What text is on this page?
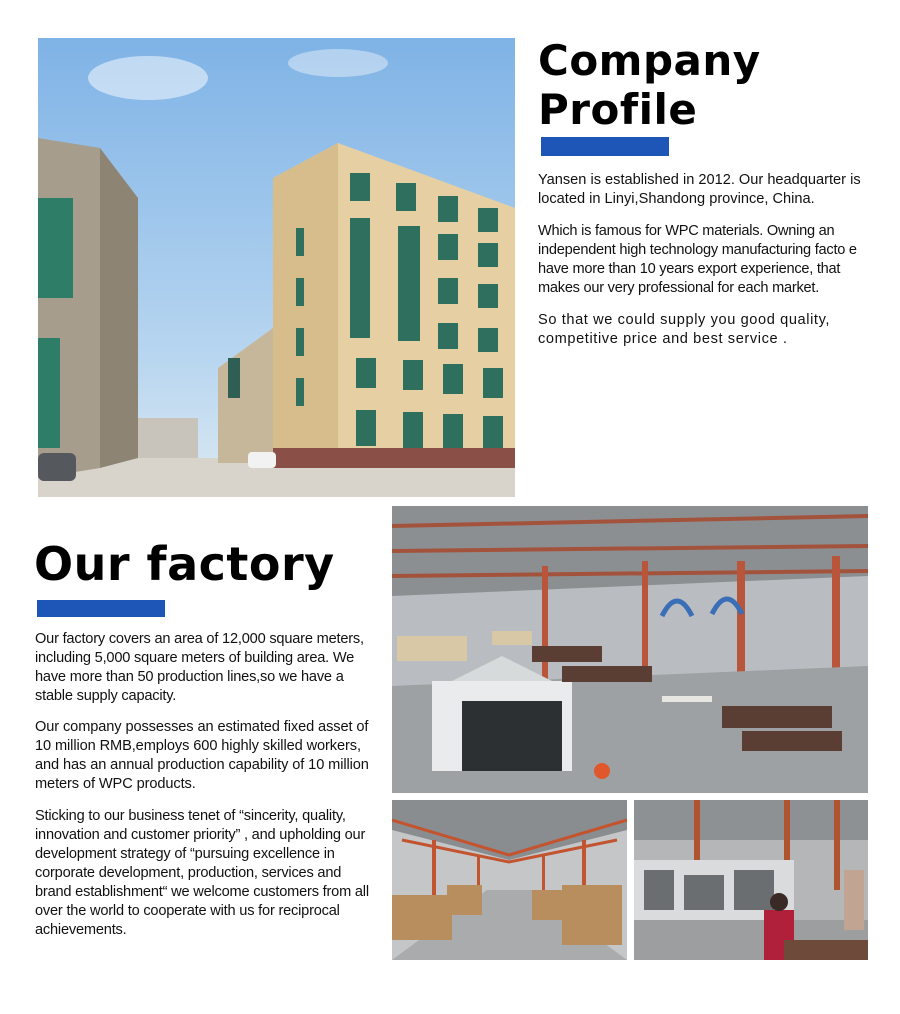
Company Profile

Yansen is established in 2012. Our headquarter is located in Linyi,Shandong province, China.

Which is famous for WPC materials. Owning an independent high technology manufacturing facto e have more than 10 years export experience, that makes our very professional for each market.

So that we could supply you good quality, competitive price and best service .

Our factory

Our factory covers an area of 12,000 square meters, including 5,000 square meters of building area. We have more than 50 production lines,so we have a stable supply capacity.

Our company possesses an estimated fixed asset of 10 million RMB,employs 600 highly skilled workers, and has an annual production capability of 10 million meters of WPC products.

Sticking to our business tenet of “sincerity, quality, innovation and customer priority” , and upholding our development strategy of “pursuing excellence in corporate development, production, services and brand establishment“ we welcome customers from all over the world to cooperate with us for reciprocal achievements.
